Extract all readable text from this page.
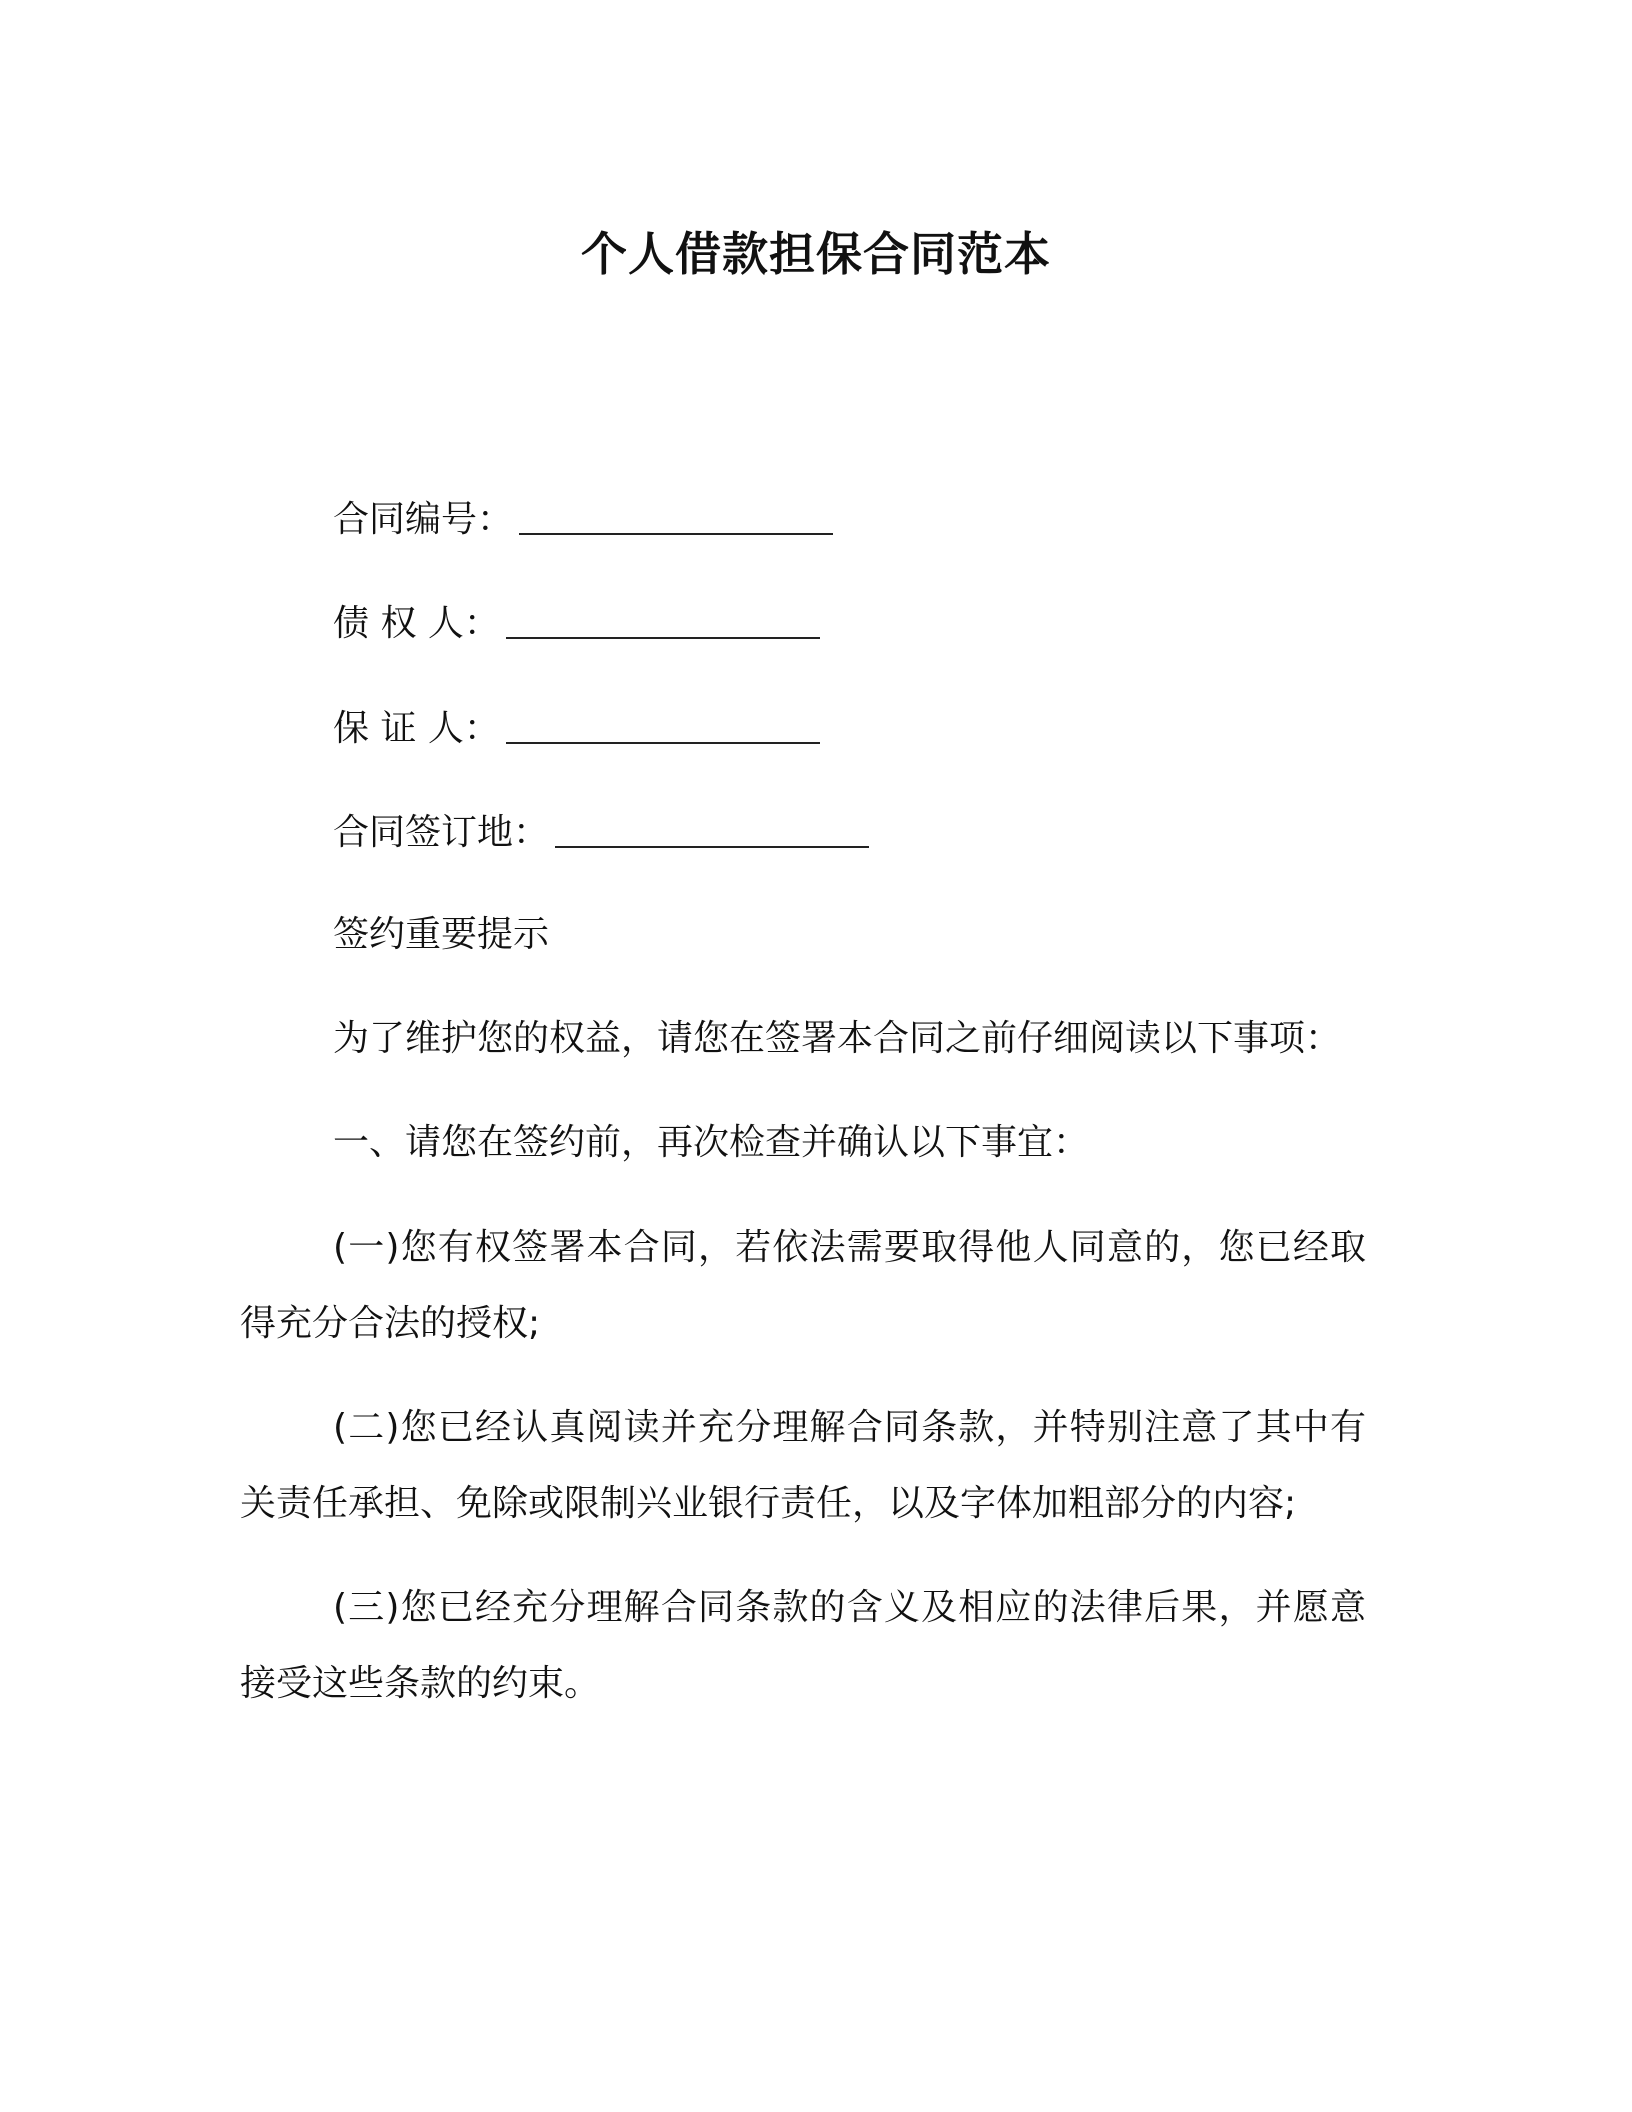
个人借款担保合同范本

合同编号：

债 权 人：

保 证 人：

合同签订地：

签约重要提示

为了维护您的权益，请您在签署本合同之前仔细阅读以下事项：

一、请您在签约前，再次检查并确认以下事宜：

(一)您有权签署本合同，若依法需要取得他人同意的，您已经取得充分合法的授权;

(二)您已经认真阅读并充分理解合同条款，并特别注意了其中有关责任承担、免除或限制兴业银行责任，以及字体加粗部分的内容;

(三)您已经充分理解合同条款的含义及相应的法律后果，并愿意接受这些条款的约束。
